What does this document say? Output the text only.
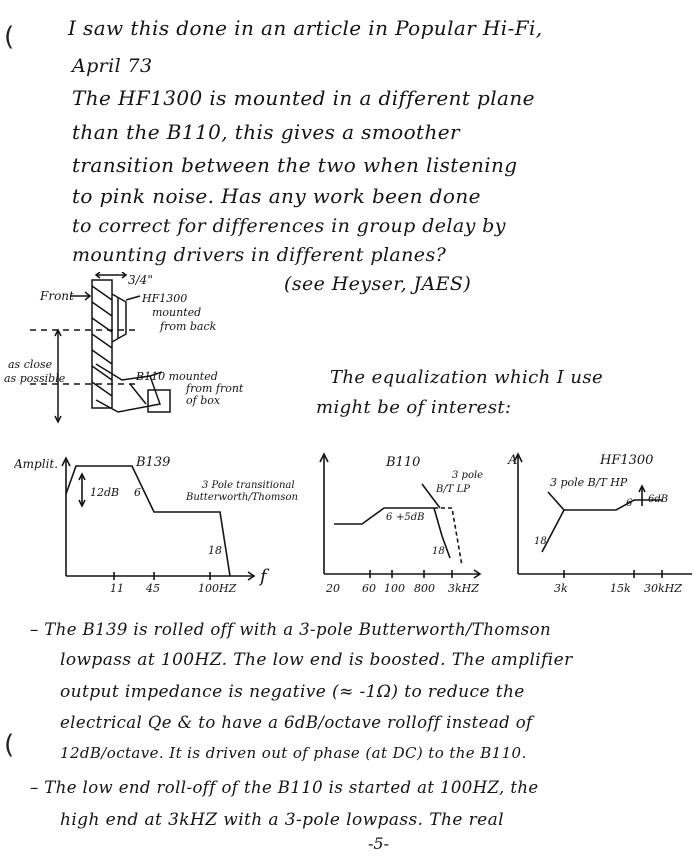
(
(
I saw this done in an article in Popular Hi-Fi,
April 73
The HF1300 is mounted in a different plane
than the B110, this gives a smoother
transition between the two when listening
to pink noise. Has any work been done
to correct for differences in group delay by
mounting drivers in different planes?
(see Heyser, JAES)
3/4"
Front	HF1300
mounted
from back
B110 mounted
from front
of box
as close
as possible	The equalization which I use
might be of interest:
Amplit.	B139
3 Pole transitional
Butterworth/Thomson
12dB 6
18
11 45	100HZ
f
B110
3 pole
B/T LP
6 +5dB
18
20 60 100 800 3kHZ
A	HF1300
3 pole B/T HP
6 6dB
18
3k	15k 30kHZ
– The B139 is rolled off with a 3-pole Butterworth/Thomson
lowpass at 100HZ. The low end is boosted. The amplifier
output impedance is negative (≈ -1Ω) to reduce the
electrical Qe & to have a 6dB/octave rolloff instead of
12dB/octave. It is driven out of phase (at DC) to the B110.
– The low end roll-off of the B110 is started at 100HZ, the
high end at 3kHZ with a 3-pole lowpass. The real
-5-
